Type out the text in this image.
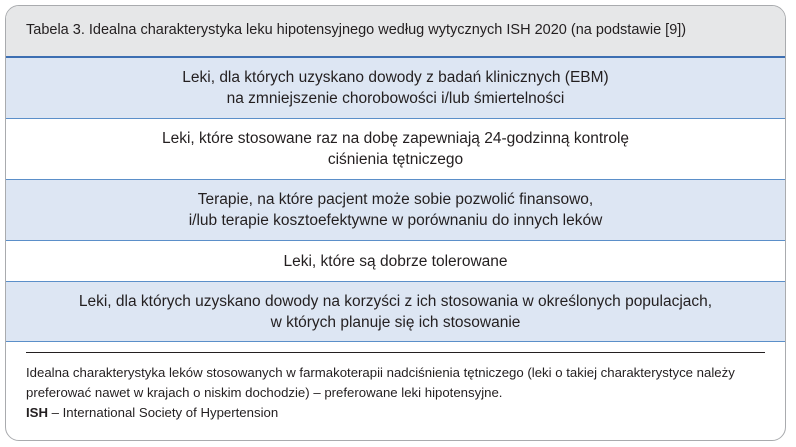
Tabela 3. Idealna charakterystyka leku hipotensyjnego według wytycznych ISH 2020 (na podstawie [9])
Leki, dla których uzyskano dowody z badań klinicznych (EBM)
na zmniejszenie chorobowości i/lub śmiertelności
Leki, które stosowane raz na dobę zapewniają 24-godzinną kontrolę
ciśnienia tętniczego
Terapie, na które pacjent może sobie pozwolić finansowo,
i/lub terapie kosztoefektywne w porównaniu do innych leków
Leki, które są dobrze tolerowane
Leki, dla których uzyskano dowody na korzyści z ich stosowania w określonych populacjach,
w których planuje się ich stosowanie
Idealna charakterystyka leków stosowanych w farmakoterapii nadciśnienia tętniczego (leki o takiej charakterystyce należy preferować nawet w krajach o niskim dochodzie) – preferowane leki hipotensyjne.
ISH – International Society of Hypertension
